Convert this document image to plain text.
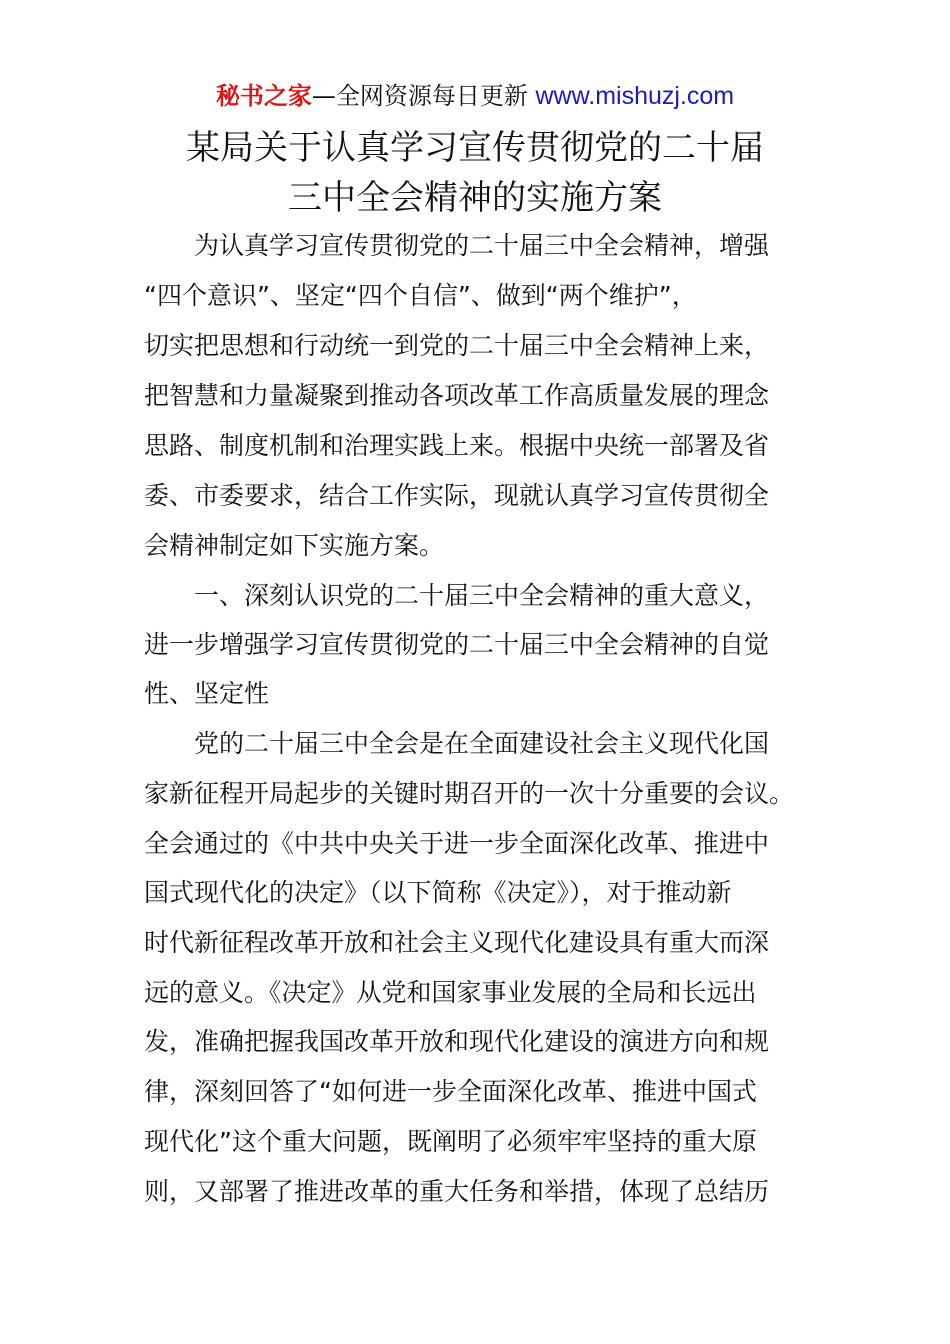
秘书之家—全网资源每日更新 www.mishuzj.com
某局关于认真学习宣传贯彻党的二十届
三中全会精神的实施方案
为认真学习宣传贯彻党的二十届三中全会精神，增强
“四个意识”、坚定“四个自信”、做到“两个维护”，
切实把思想和行动统一到党的二十届三中全会精神上来，
把智慧和力量凝聚到推动各项改革工作高质量发展的理念
思路、制度机制和治理实践上来。根据中央统一部署及省
委、市委要求，结合工作实际，现就认真学习宣传贯彻全
会精神制定如下实施方案。
一、深刻认识党的二十届三中全会精神的重大意义，
进一步增强学习宣传贯彻党的二十届三中全会精神的自觉
性、坚定性
党的二十届三中全会是在全面建设社会主义现代化国
家新征程开局起步的关键时期召开的一次十分重要的会议。
全会通过的《中共中央关于进一步全面深化改革、推进中
国式现代化的决定》（以下简称《决定》），对于推动新
时代新征程改革开放和社会主义现代化建设具有重大而深
远的意义。《决定》从党和国家事业发展的全局和长远出
发，准确把握我国改革开放和现代化建设的演进方向和规
律，深刻回答了“如何进一步全面深化改革、推进中国式
现代化”这个重大问题，既阐明了必须牢牢坚持的重大原
则，又部署了推进改革的重大任务和举措，体现了总结历
